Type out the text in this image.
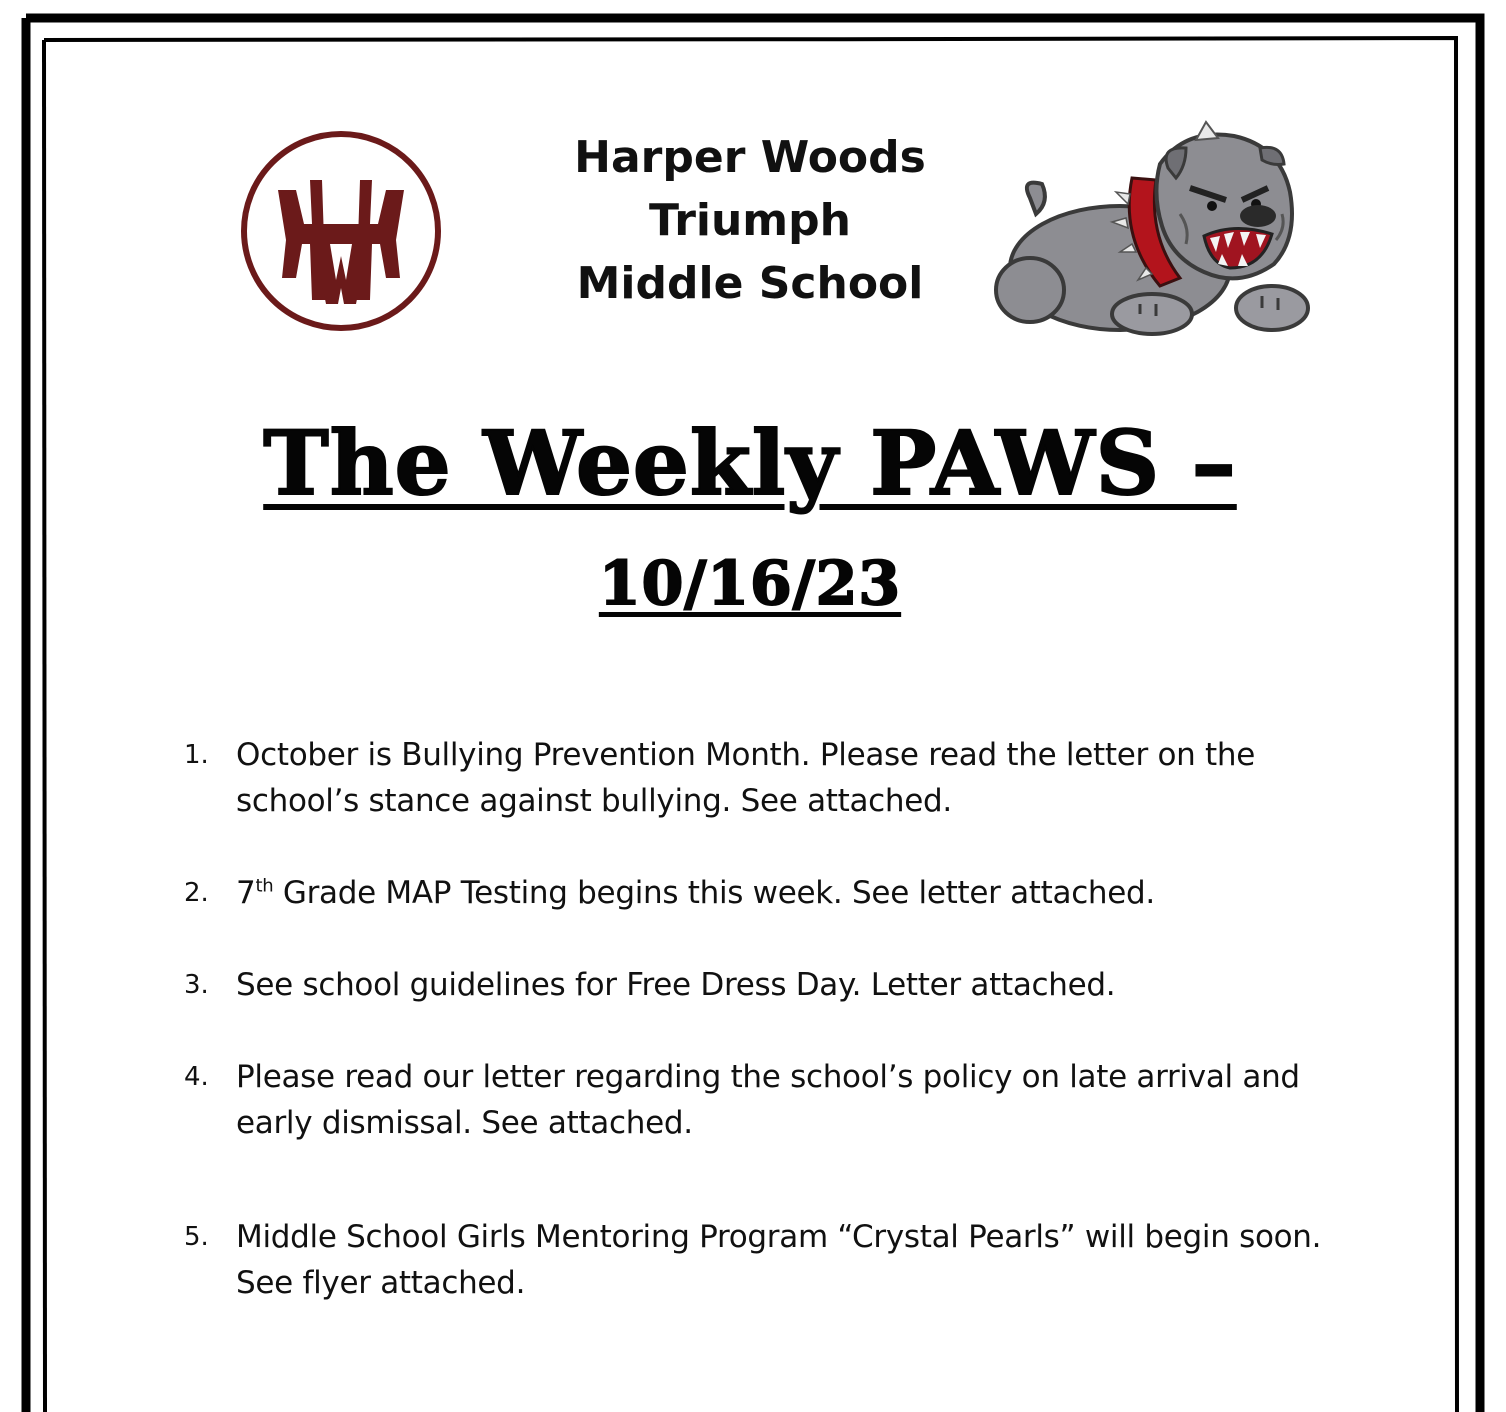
Harper Woods
Triumph
Middle School
The Weekly PAWS –
10/16/23
1. October is Bullying Prevention Month. Please read the letter on the school’s stance against bullying. See attached.
2. 7th Grade MAP Testing begins this week. See letter attached.
3. See school guidelines for Free Dress Day. Letter attached.
4. Please read our letter regarding the school’s policy on late arrival and early dismissal. See attached.
5. Middle School Girls Mentoring Program “Crystal Pearls” will begin soon. See flyer attached.
